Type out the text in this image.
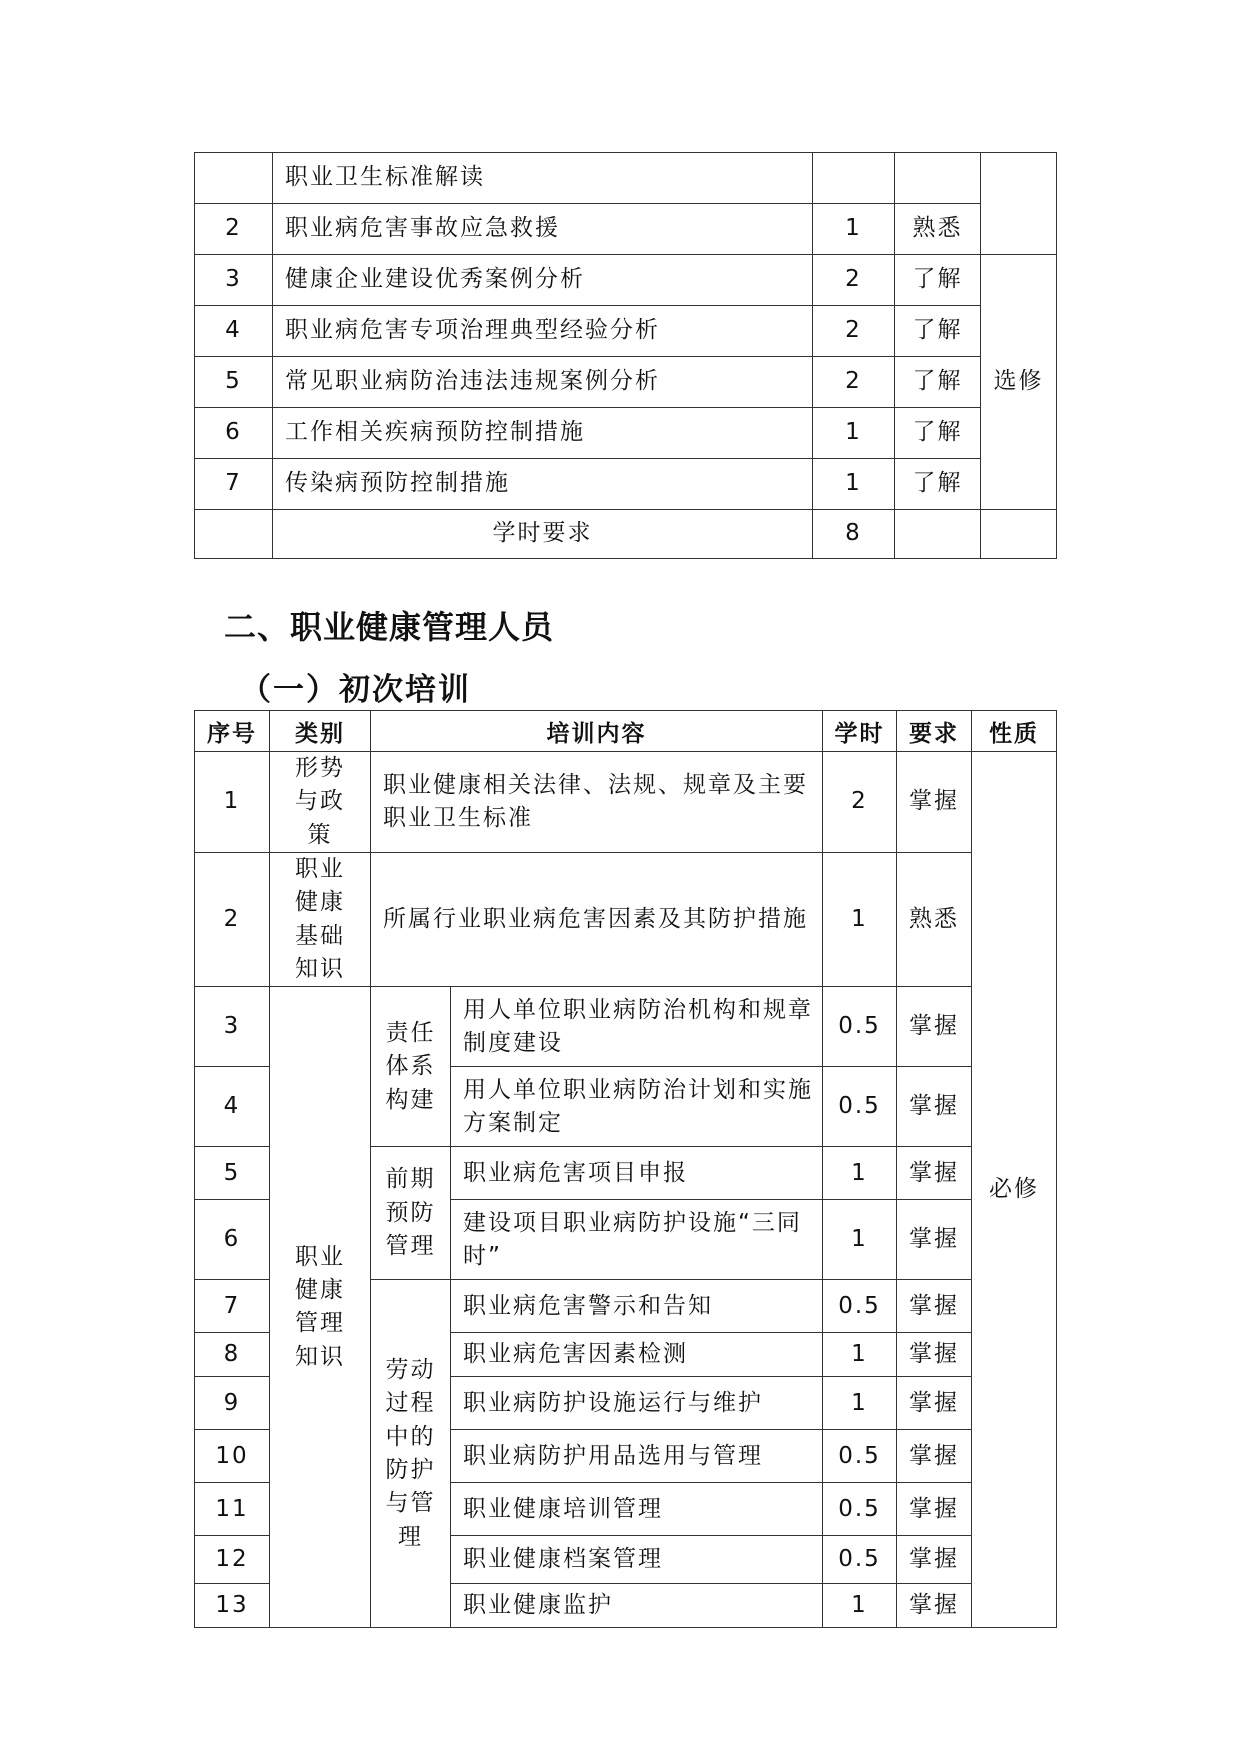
	职业卫生标准解读			
2	职业病危害事故应急救援	1	熟悉	
3	健康企业建设优秀案例分析	2	了解	选修
4	职业病危害专项治理典型经验分析	2	了解	
5	常见职业病防治违法违规案例分析	2	了解	
6	工作相关疾病预防控制措施	1	了解	
7	传染病预防控制措施	1	了解	
	学时要求	8		
二、职业健康管理人员
（一）初次培训
序号	类别	培训内容		学时	要求	性质
1	形势与政策	职业健康相关法律、法规、规章及主要职业卫生标准		2	掌握	必修
2	职业健康基础知识	所属行业职业病危害因素及其防护措施		1	熟悉	
3	职业健康管理知识	责任体系构建	用人单位职业病防治机构和规章制度建设	0.5	掌握	
4			用人单位职业病防治计划和实施方案制定	0.5	掌握	
5		前期预防管理	职业病危害项目申报	1	掌握	
6			建设项目职业病防护设施“三同时”	1	掌握	
7		劳动过程中的防护与管理	职业病危害警示和告知	0.5	掌握	
8			职业病危害因素检测	1	掌握	
9			职业病防护设施运行与维护	1	掌握	
10			职业病防护用品选用与管理	0.5	掌握	
11			职业健康培训管理	0.5	掌握	
12			职业健康档案管理	0.5	掌握	
13			职业健康监护	1	掌握	
